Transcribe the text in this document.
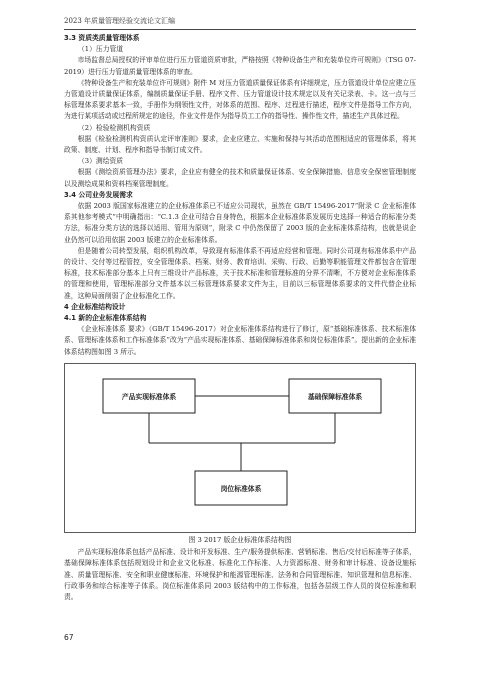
2023 年质量管理经验交流论文汇编

3.3 资质类质量管理体系

（1）压力管道

市场监督总局授权的评审单位进行压力管道资质审批，严格按照《特种设备生产和充装单位许可规则》（TSG 07-2019）进行压力管道质量管理体系的审查。

《特种设备生产和充装单位许可规则》附件 M 对压力管道质量保证体系有详细规定，压力管道设计单位应建立压力管道设计质量保证体系，编制质量保证手册、程序文件、压力管道设计技术规定以及有关记录表、卡。这一点与三标管理体系要求基本一致，手册作为纲领性文件，对体系的范围、程序、过程进行描述，程序文件是指导工作方向，为进行某项活动或过程所规定的途径，作业文件是作为指导员工工作的指导性、操作性文件，描述生产具体过程。

（2）检验检测机构资质

根据《检验检测机构资质认定评审准则》要求，企业应建立、实施和保持与其活动范围相适应的管理体系，将其政策、制度、计划、程序和指导书制订成文件。

（3）测绘资质

根据《测绘资质管理办法》要求，企业应有健全的技术和质量保证体系、安全保障措施、信息安全保密管理制度以及测绘成果和资料档案管理制度。

3.4 公司业务发展需求

依据 2003 版国家标准建立的企业标准体系已不适应公司现状，虽然在 GB/T 15496-2017“附录 C 企业标准体系其他参考模式”中明确指出：“C.1.3 企业可结合自身特色，根据本企业标准体系发展历史选择一种适合的标准分类方法，标准分类方法的选择以适用、管用为原则”，附录 C 中仍然保留了 2003 版的企业标准体系结构，也就是说企业仍然可以沿用依据 2003 版建立的企业标准体系。

但是随着公司转型发展，组织机构改革，导致现有标准体系不再适应经营和管理。同时公司现有标准体系中产品的设计、交付等过程管控，安全管理体系、档案、财务、教育培训、采购、行政、后勤等职能管理文件都包含在管理标准，技术标准部分基本上只有三维设计产品标准，关于技术标准和管理标准的分界不清晰，不方便对企业标准体系的管理和使用，管理标准部分文件基本以三标管理体系要求文件为主，目前以三标管理体系要求的文件代替企业标准，这种局面削弱了企业标准化工作。

4 企业标准结构设计

4.1 新的企业标准体系结构

《企业标准体系 要求》（GB/T 15496-2017）对企业标准体系结构进行了修订，原“基础标准体系、技术标准体系、管理标准体系和工作标准体系”改为“产品实现标准体系、基础保障标准体系和岗位标准体系”。提出新的企业标准体系结构图如图 3 所示。

产品实现标准体系	基础保障标准体系
岗位标准体系

图 3 2017 版企业标准体系结构图

产品实现标准体系包括产品标准、设计和开发标准、生产/服务提供标准、营销标准、售后/交付后标准等子体系，基础保障标准体系包括规划设计和企业文化标准、标准化工作标准、人力资源标准、财务和审计标准、设备设施标准、质量管理标准、安全和职业健康标准、环境保护和能源管理标准、法务和合同管理标准、知识管理和信息标准、行政事务和综合标准等子体系。岗位标准体系同 2003 版结构中的工作标准，包括各层级工作人员的岗位标准和职责。

67
